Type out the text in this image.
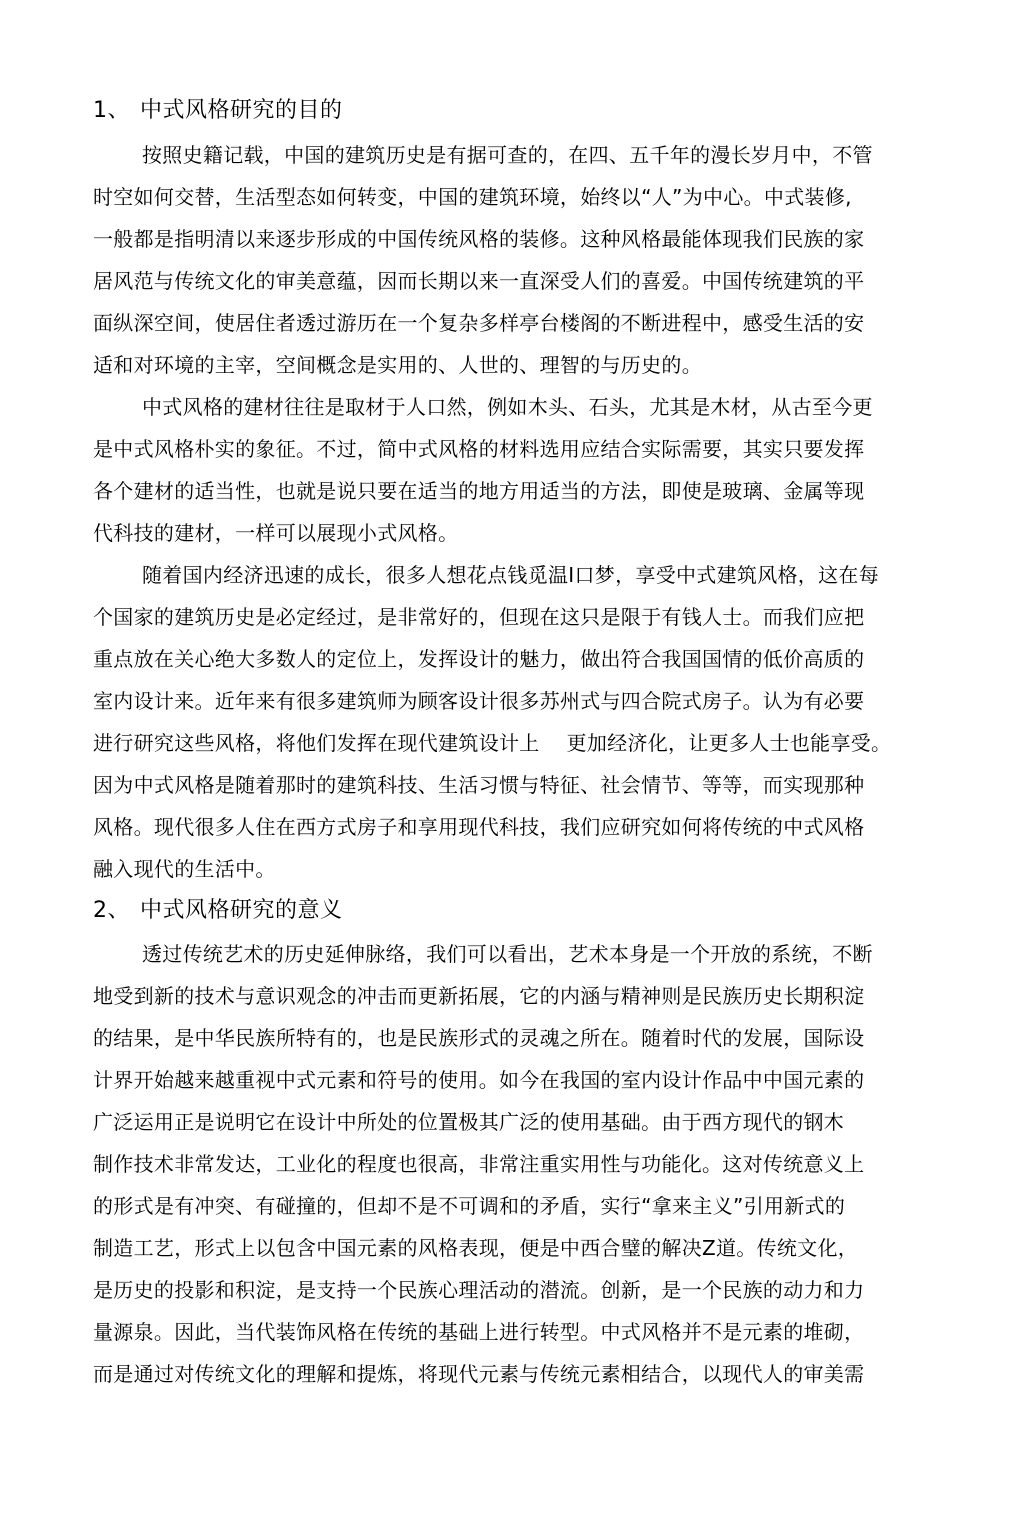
1、 中式风格研究的目的
按照史籍记载，中国的建筑历史是有据可查的，在四、五千年的漫长岁月中，不管
时空如何交替，生活型态如何转变，中国的建筑环境，始终以“人”为中心。中式装修,
一般都是指明清以来逐步形成的中国传统风格的装修。这种风格最能体现我们民族的家
居风范与传统文化的审美意蕴，因而长期以来一直深受人们的喜爱。中国传统建筑的平
面纵深空间，使居住者透过游历在一个复杂多样亭台楼阁的不断进程中，感受生活的安
适和对环境的主宰，空间概念是实用的、人世的、理智的与历史的。
中式风格的建材往往是取材于人口然，例如木头、石头，尤其是木材，从古至今更
是中式风格朴实的象征。不过，简中式风格的材料选用应结合实际需要，其实只要发挥
各个建材的适当性，也就是说只要在适当的地方用适当的方法，即使是玻璃、金属等现
代科技的建材，一样可以展现小式风格。
随着国内经济迅速的成长，很多人想花点钱觅温I口梦，享受中式建筑风格，这在每
个国家的建筑历史是必定经过，是非常好的，但现在这只是限于有钱人士。而我们应把
重点放在关心绝大多数人的定位上，发挥设计的魅力，做出符合我国国情的低价高质的
室内设计来。近年来有很多建筑师为顾客设计很多苏州式与四合院式房子。认为有必要
进行研究这些风格，将他们发挥在现代建筑设计上　 更加经济化，让更多人士也能享受。
因为中式风格是随着那时的建筑科技、生活习惯与特征、社会情节、等等，而实现那种
风格。现代很多人住在西方式房子和享用现代科技，我们应研究如何将传统的中式风格
融入现代的生活中。
2、 中式风格研究的意义
透过传统艺术的历史延伸脉络，我们可以看出，艺术本身是一个开放的系统，不断
地受到新的技术与意识观念的冲击而更新拓展，它的内涵与精神则是民族历史长期积淀
的结果，是中华民族所特有的，也是民族形式的灵魂之所在。随着时代的发展，国际设
计界开始越来越重视中式元素和符号的使用。如今在我国的室内设计作品中中国元素的
广泛运用正是说明它在设计中所处的位置极其广泛的使用基础。由于西方现代的钢木
制作技术非常发达，工业化的程度也很高，非常注重实用性与功能化。这对传统意义上
的形式是有冲突、有碰撞的，但却不是不可调和的矛盾，实行“拿来主义”引用新式的
制造工艺，形式上以包含中国元素的风格表现，便是中西合璧的解决Z道。传统文化，
是历史的投影和积淀，是支持一个民族心理活动的潜流。创新，是一个民族的动力和力
量源泉。因此，当代装饰风格在传统的基础上进行转型。中式风格并不是元素的堆砌，
而是通过对传统文化的理解和提炼，将现代元素与传统元素相结合，以现代人的审美需
